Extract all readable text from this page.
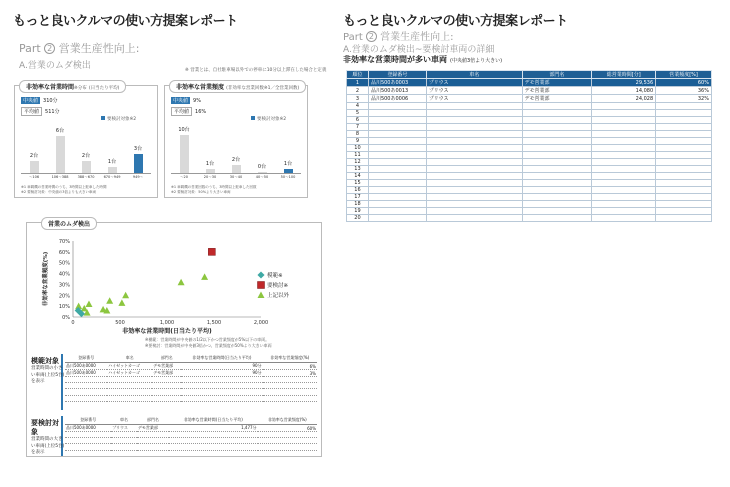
もっと良いクルマの使い方提案レポート
Part 2 営業生産性向上:
A.営業のムダ検出	※ 営業とは、自社駐車場以外での停車に10分以上滞在した場合と定義
非効率な営業時間※分布 (日当たり平均)
中央値 310分
平均値 511分
要検討対象※2
2台
6台
2台
1台
3台
〜106	106〜388	388〜670	670〜949	949〜
※1 車載機の営業時間のうち、3時間以上駐車した時間
※2 要検討対象：中央値の3倍よりも大きい車両
非効率な営業頻度 (非効率な営業回数※1／全営業回数)
中央値 9%
平均値 16%
要検討対象※2
10台
1台
2台
0台	1台
〜20	20〜30	30〜40	40〜50	50〜100
※1 車載機の営業回数のうち、3時間以上駐車した回数
※2 要検討対象：50%より大きい車両
営業のムダ検出
0%
10%
20%
30%
40%
50%
60%
70%
0	500	1,000	1,500	2,000
非効率な営業時間(日当たり平均)
非効率な営業頻度(%)	模範※
要検討※
上記以外
※模範：営業時間が中央値の1/2以下かつ営業頻度が5%以下の車両。
※要検討：営業時間が中央値3倍かつ、営業頻度が50%より大きい車両
模範対象
営業時間の小さい車両(上位5台)を表示
登録番号	車名	部門名	非効率な営業時間(日当たり平均)	非効率な営業頻度(%)
品川500あ0000	ハイゼットカーゴ	デモ営業部	90分	6%
品川500あ0000	ハイゼットカーゴ	デモ営業部	90分	3%

要検討対象
営業時間の大きい車両(上位5台)を表示
登録番号	車名	部門名	非効率な営業時間(日当たり平均)	非効率な営業頻度(%)
品川500あ0000	プリウス	デモ営業部	1,477分	60%

もっと良いクルマの使い方提案レポート
Part 2 営業生産性向上:
A.営業のムダ検出~要検討車両の詳細
非効率な営業時間が多い車両 (中央値3倍より大きい)
順位	登録番号	車名	部門名	総営業時間[分]	営業頻度[%]
1	品川500あ0003	プリウス	デモ営業部	29,536	60%
2	品川500あ0013	プリウス	デモ営業部	14,080	36%
3	品川500あ0006	プリウス	デモ営業部	24,028	32%
4					
5					
6					
7					
8					
9					
10					
11					
12					
13					
14					
15					
16					
17					
18					
19					
20					
